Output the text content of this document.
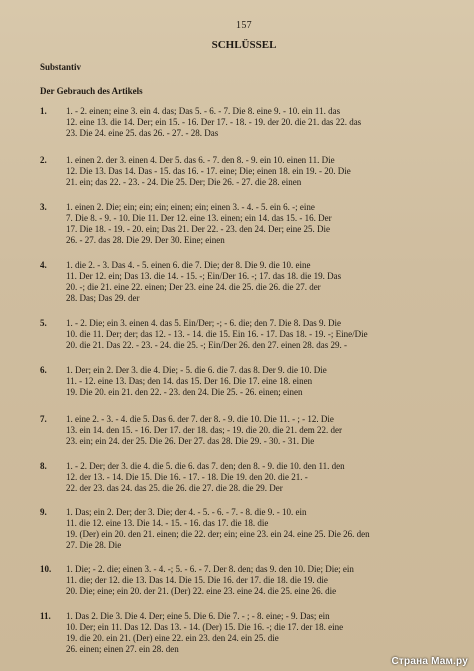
157
SCHLÜSSEL
Substantiv
Der Gebrauch des Artikels
1.	1. - 2. einen; eine 3. ein 4. das; Das 5. - 6. - 7. Die 8. eine 9. - 10. ein 11. das
12. eine 13. die 14. Der; ein 15. - 16. Der 17. - 18. - 19. der 20. die 21. das 22. das
23. Die 24. eine 25. das 26. - 27. - 28. Das
2.	1. einen 2. der 3. einen 4. Der 5. das 6. - 7. den 8. - 9. ein 10. einen 11. Die
12. Die 13. Das 14. Das - 15. das 16. - 17. eine; Die; einen 18. ein 19. - 20. Die
21. ein; das 22. - 23. - 24. Die 25. Der; Die 26. - 27. die 28. einen
3.	1. einen 2. Die; ein; ein; ein; einen; ein; einen 3. - 4. - 5. ein 6. -; eine
7. Die 8. - 9. - 10. Die 11. Der 12. eine 13. einen; ein 14. das 15. - 16. Der
17. Die 18. - 19. - 20. ein; Das 21. Der 22. - 23. den 24. Der; eine 25. Die
26. - 27. das 28. Die 29. Der 30. Eine; einen
4.	1. die 2. - 3. Das 4. - 5. einen 6. die 7. Die; der 8. Die 9. die 10. eine
11. Der 12. ein; Das 13. die 14. - 15. -; Ein/Der 16. -; 17. das 18. die 19. Das
20. -; die 21. eine 22. einen; Der 23. eine 24. die 25. die 26. die 27. der
28. Das; Das 29. der
5.	1. - 2. Die; ein 3. einen 4. das 5. Ein/Der; -; - 6. die; den 7. Die 8. Das 9. Die
10. die 11. Der; der; das 12. - 13. - 14. die 15. Ein 16. - 17. Das 18. - 19. -; Eine/Die
20. die 21. Das 22. - 23. - 24. die 25. -; Ein/Der 26. den 27. einen 28. das 29. -
6.	1. Der; ein 2. Der 3. die 4. Die; - 5. die 6. die 7. das 8. Der 9. die 10. Die
11. - 12. eine 13. Das; den 14. das 15. Der 16. Die 17. eine 18. einen
19. Die 20. ein 21. den 22. - 23. den 24. Die 25. - 26. einen; einen
7.	1. eine 2. - 3. - 4. die 5. Das 6. der 7. der 8. - 9. die 10. Die 11. - ; - 12. Die
13. ein 14. den 15. - 16. Der 17. der 18. das; - 19. die 20. die 21. dem 22. der
23. ein; ein 24. der 25. Die 26. Der 27. das 28. Die 29. - 30. - 31. Die
8.	1. - 2. Der; der 3. die 4. die 5. die 6. das 7. den; den 8. - 9. die 10. den 11. den
12. der 13. - 14. Die 15. Die 16. - 17. - 18. Die 19. den 20. die 21. -
22. der 23. das 24. das 25. die 26. die 27. die 28. die 29. Der
9.	1. Das; ein 2. Der; der 3. Die; der 4. - 5. - 6. - 7. - 8. die 9. - 10. ein
11. die 12. eine 13. Die 14. - 15. - 16. das 17. die 18. die
19. (Der) ein 20. den 21. einen; die 22. der; ein; eine 23. ein 24. eine 25. Die 26. den
27. Die 28. Die
10.	1. Die; - 2. die; einen 3. - 4. -; 5. - 6. - 7. Der 8. den; das 9. den 10. Die; Die; ein
11. die; der 12. die 13. Das 14. Die 15. Die 16. der 17. die 18. die 19. die
20. Die; eine; ein 20. der 21. (Der) 22. eine 23. eine 24. die 25. eine 26. die
11.	1. Das 2. Die 3. Die 4. Der; eine 5. Die 6. Die 7. - ; - 8. eine; - 9. Das; ein
10. Der; ein 11. Das 12. Das 13. - 14. (Der) 15. Die 16. -; die 17. der 18. eine
19. die 20. ein 21. (Der) eine 22. ein 23. den 24. ein 25. die
26. einen; einen 27. ein 28. den
Страна Мам.ру
